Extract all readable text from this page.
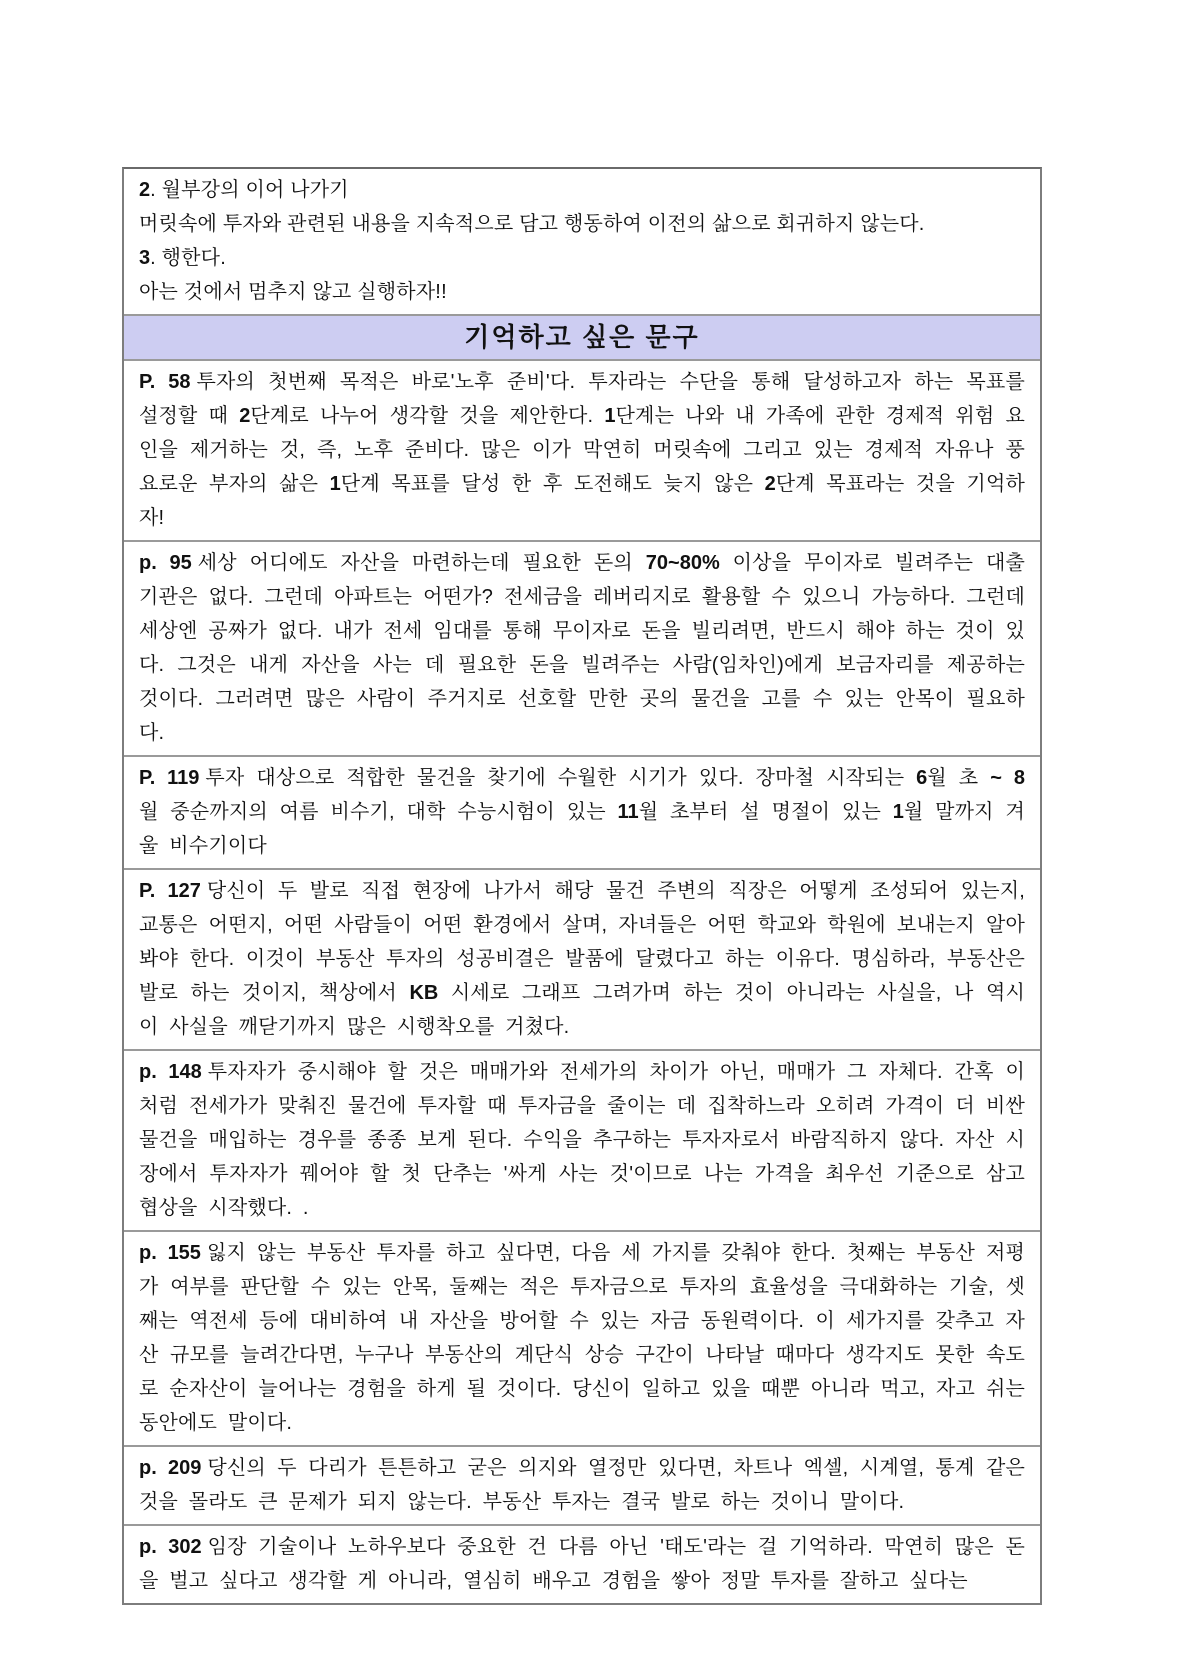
2. 월부강의 이어 나가기
머릿속에 투자와 관련된 내용을 지속적으로 담고 행동하여 이전의 삶으로 회귀하지 않는다.
3. 행한다.
아는 것에서 멈추지 않고 실행하자!!
기억하고 싶은 문구
P. 58 투자의 첫번째 목적은 바로'노후 준비'다. 투자라는 수단을 통해 달성하고자 하는 목표를 설정할 때 2단계로 나누어 생각할 것을 제안한다. 1단계는 나와 내 가족에 관한 경제적 위험 요인을 제거하는 것, 즉, 노후 준비다. 많은 이가 막연히 머릿속에 그리고 있는 경제적 자유나 풍요로운 부자의 삶은 1단계 목표를 달성 한 후 도전해도 늦지 않은 2단계 목표라는 것을 기억하자!
p. 95 세상 어디에도 자산을 마련하는데 필요한 돈의 70~80% 이상을 무이자로 빌려주는 대출 기관은 없다. 그런데 아파트는 어떤가? 전세금을 레버리지로 활용할 수 있으니 가능하다. 그런데 세상엔 공짜가 없다. 내가 전세 임대를 통해 무이자로 돈을 빌리려면, 반드시 해야 하는 것이 있다. 그것은 내게 자산을 사는 데 필요한 돈을 빌려주는 사람(임차인)에게 보금자리를 제공하는 것이다. 그러려면 많은 사람이 주거지로 선호할 만한 곳의 물건을 고를 수 있는 안목이 필요하다.
P. 119 투자 대상으로 적합한 물건을 찾기에 수월한 시기가 있다. 장마철 시작되는 6월 초 ~ 8월 중순까지의 여름 비수기, 대학 수능시험이 있는 11월 초부터 설 명절이 있는 1월 말까지 겨울 비수기이다
P. 127 당신이 두 발로 직접 현장에 나가서 해당 물건 주변의 직장은 어떻게 조성되어 있는지, 교통은 어떤지, 어떤 사람들이 어떤 환경에서 살며, 자녀들은 어떤 학교와 학원에 보내는지 알아봐야 한다. 이것이 부동산 투자의 성공비결은 발품에 달렸다고 하는 이유다. 명심하라, 부동산은 발로 하는 것이지, 책상에서 KB 시세로 그래프 그려가며 하는 것이 아니라는 사실을, 나 역시 이 사실을 깨닫기까지 많은 시행착오를 거쳤다.
p. 148 투자자가 중시해야 할 것은 매매가와 전세가의 차이가 아닌, 매매가 그 자체다. 간혹 이처럼 전세가가 맞춰진 물건에 투자할 때 투자금을 줄이는 데 집착하느라 오히려 가격이 더 비싼 물건을 매입하는 경우를 종종 보게 된다. 수익을 추구하는 투자자로서 바람직하지 않다. 자산 시장에서 투자자가 꿰어야 할 첫 단추는 '싸게 사는 것'이므로 나는 가격을 최우선 기준으로 삼고 협상을 시작했다. .
p. 155 잃지 않는 부동산 투자를 하고 싶다면, 다음 세 가지를 갖춰야 한다. 첫째는 부동산 저평가 여부를 판단할 수 있는 안목, 둘째는 적은 투자금으로 투자의 효율성을 극대화하는 기술, 셋째는 역전세 등에 대비하여 내 자산을 방어할 수 있는 자금 동원력이다. 이 세가지를 갖추고 자산 규모를 늘려간다면, 누구나 부동산의 계단식 상승 구간이 나타날 때마다 생각지도 못한 속도로 순자산이 늘어나는 경험을 하게 될 것이다. 당신이 일하고 있을 때뿐 아니라 먹고, 자고 쉬는 동안에도 말이다.
p. 209 당신의 두 다리가 튼튼하고 굳은 의지와 열정만 있다면, 차트나 엑셀, 시계열, 통계 같은 것을 몰라도 큰 문제가 되지 않는다. 부동산 투자는 결국 발로 하는 것이니 말이다.
p. 302 임장 기술이나 노하우보다 중요한 건 다름 아닌 '태도'라는 걸 기억하라. 막연히 많은 돈을 벌고 싶다고 생각할 게 아니라, 열심히 배우고 경험을 쌓아 정말 투자를 잘하고 싶다는
